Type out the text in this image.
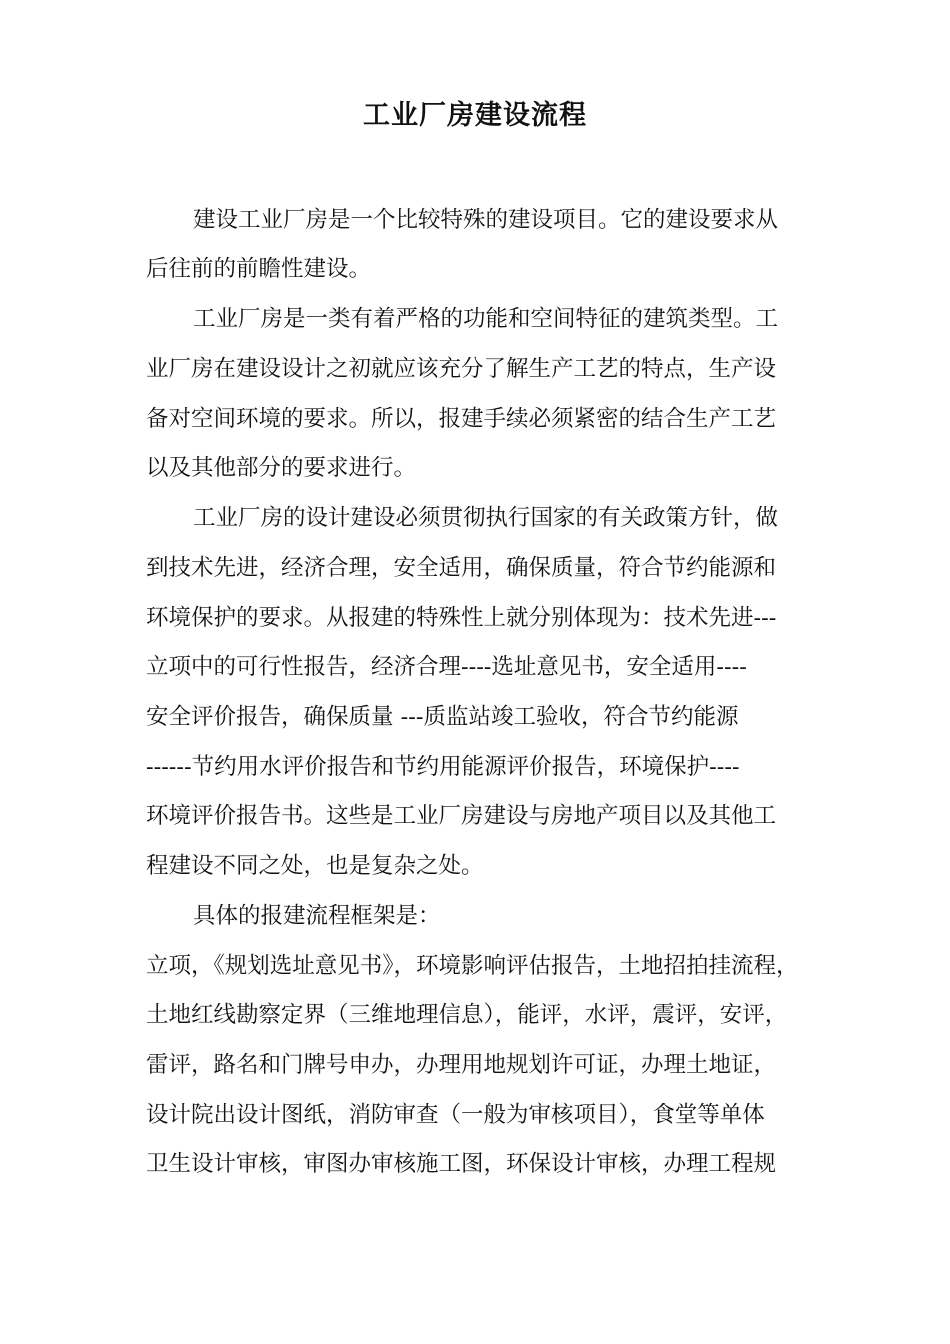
工业厂房建设流程
建设工业厂房是一个比较特殊的建设项目。它的建设要求从
后往前的前瞻性建设。
工业厂房是一类有着严格的功能和空间特征的建筑类型。工
业厂房在建设设计之初就应该充分了解生产工艺的特点，生产设
备对空间环境的要求。所以，报建手续必须紧密的结合生产工艺
以及其他部分的要求进行。
工业厂房的设计建设必须贯彻执行国家的有关政策方针，做
到技术先进，经济合理，安全适用，确保质量，符合节约能源和
环境保护的要求。从报建的特殊性上就分别体现为：技术先进---
立项中的可行性报告，经济合理----选址意见书，安全适用----
安全评价报告，确保质量 ---质监站竣工验收，符合节约能源
------节约用水评价报告和节约用能源评价报告，环境保护----
环境评价报告书。这些是工业厂房建设与房地产项目以及其他工
程建设不同之处，也是复杂之处。
具体的报建流程框架是：
立项，《规划选址意见书》，环境影响评估报告，土地招拍挂流程，
土地红线勘察定界（三维地理信息），能评，水评，震评，安评，
雷评，路名和门牌号申办，办理用地规划许可证，办理土地证，
设计院出设计图纸，消防审查（一般为审核项目），食堂等单体
卫生设计审核，审图办审核施工图，环保设计审核，办理工程规
